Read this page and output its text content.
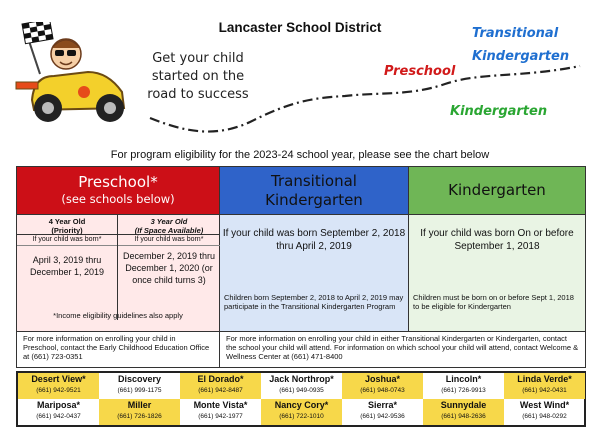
Lancaster School District
Get your child started on the road to success
Transitional
Kindergarten
Preschool
Kindergarten
For program eligibility for the 2023-24 school year, please see the chart below
Preschool*
(see schools below)
4 Year Old
(Priority)
If your child was born*
April 3, 2019 thru December 1, 2019
3 Year Old
(If Space Available)
If your child was born*
December 2, 2019 thru December 1, 2020 (or once child turns 3)
*Income eligibility guidelines also apply
Transitional
Kindergarten
If your child was born September 2, 2018 thru April 2, 2019
Children born September 2, 2018 to April 2, 2019 may participate in the Transitional Kindergarten Program
Kindergarten
If your child was born On or before September 1, 2018
Children must be born on or before Sept 1, 2018 to be eligible for Kindergarten
For more information on enrolling your child in Preschool, contact the Early Childhood Education Office at (661) 723-0351
For more information on enrolling your child in either Transitional Kindergarten or Kindergarten, contact the school your child will attend. For information on which school your child will attend, contact Welcome & Wellness Center at (661) 471-8400
Desert View*
(661) 942-9521
Discovery
(661) 999-1175
El Dorado*
(661) 942-8487
Jack Northrop*
(661) 949-0935
Joshua*
(661) 948-0743
Lincoln*
(661) 726-9913
Linda Verde*
(661) 942-0431
Mariposa*
(661) 942-0437
Miller
(661) 726-1826
Monte Vista*
(661) 942-1977
Nancy Cory*
(661) 722-1010
Sierra*
(661) 942-9536
Sunnydale
(661) 948-2636
West Wind*
(661) 948-0292
